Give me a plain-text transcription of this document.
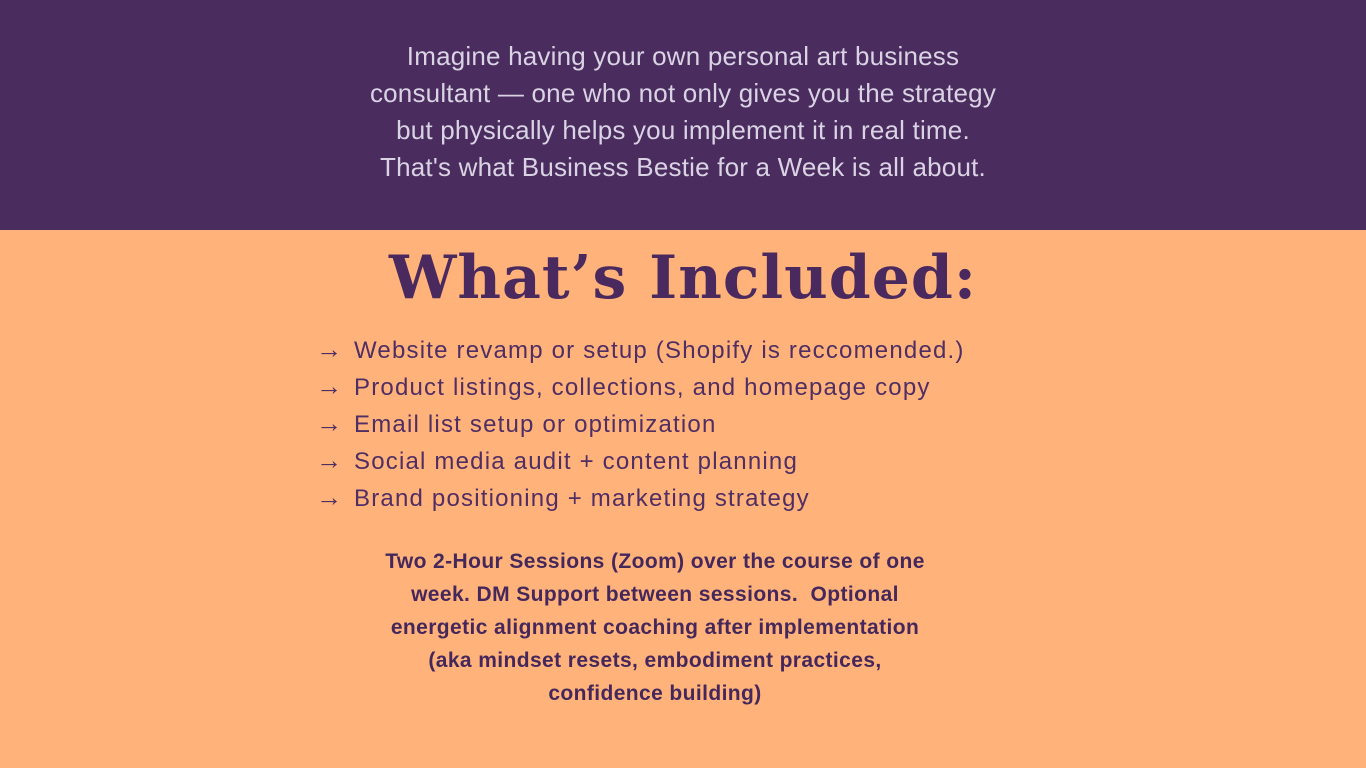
Imagine having your own personal art business

consultant — one who not only gives you the strategy

but physically helps you implement it in real time.

That's what Business Bestie for a Week is all about.

What’s Included:
→ Website revamp or setup (Shopify is reccomended.)
→ Product listings, collections, and homepage copy
→ Email list setup or optimization
→ Social media audit + content planning
→ Brand positioning + marketing strategy

Two 2-Hour Sessions (Zoom) over the course of one

week. DM Support between sessions.  Optional

energetic alignment coaching after implementation

(aka mindset resets, embodiment practices,

confidence building)
